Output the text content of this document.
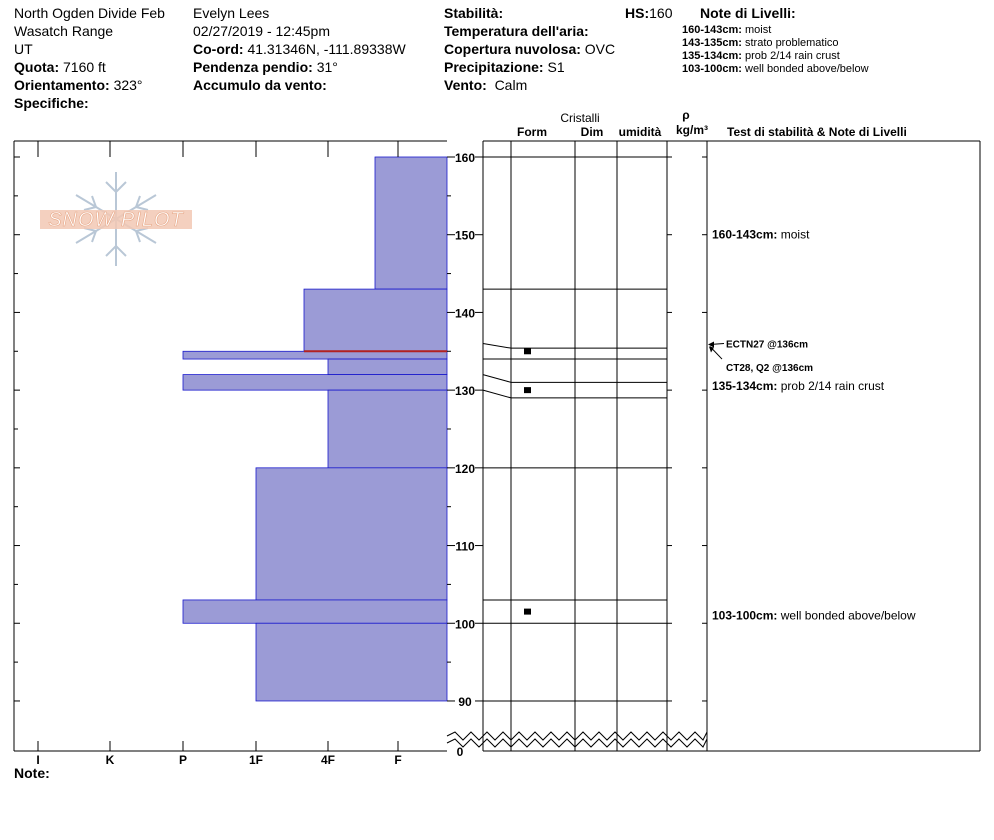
North Ogden Divide Feb
Wasatch Range
UT
Quota: 7160 ft
Orientamento: 323°
Specifiche:
Evelyn Lees
02/27/2019 - 12:45pm
Co-ord: 41.31346N, -111.89338W
Pendenza pendio: 31°
Accumulo da vento:
Stabilità:
Temperatura dell'aria:
Copertura nuvolosa: OVC
Precipitazione: S1
Vento: Calm
HS:160 Note di Livelli:
160-143cm: moist
143-135cm: strato problematico
135-134cm: prob 2/14 rain crust
103-100cm: well bonded above/below
SNOW PILOT
I	K	P	1F	4F	F
160
150
140
130
120
110
100
90
0
Cristalli
Form	Dim umidità
ρ
kg/m³ Test di stabilità & Note di Livelli
160-143cm: moist
135-134cm: prob 2/14 rain crust
103-100cm: well bonded above/below
ECTN27 @136cm
CT28, Q2 @136cm
Note:
